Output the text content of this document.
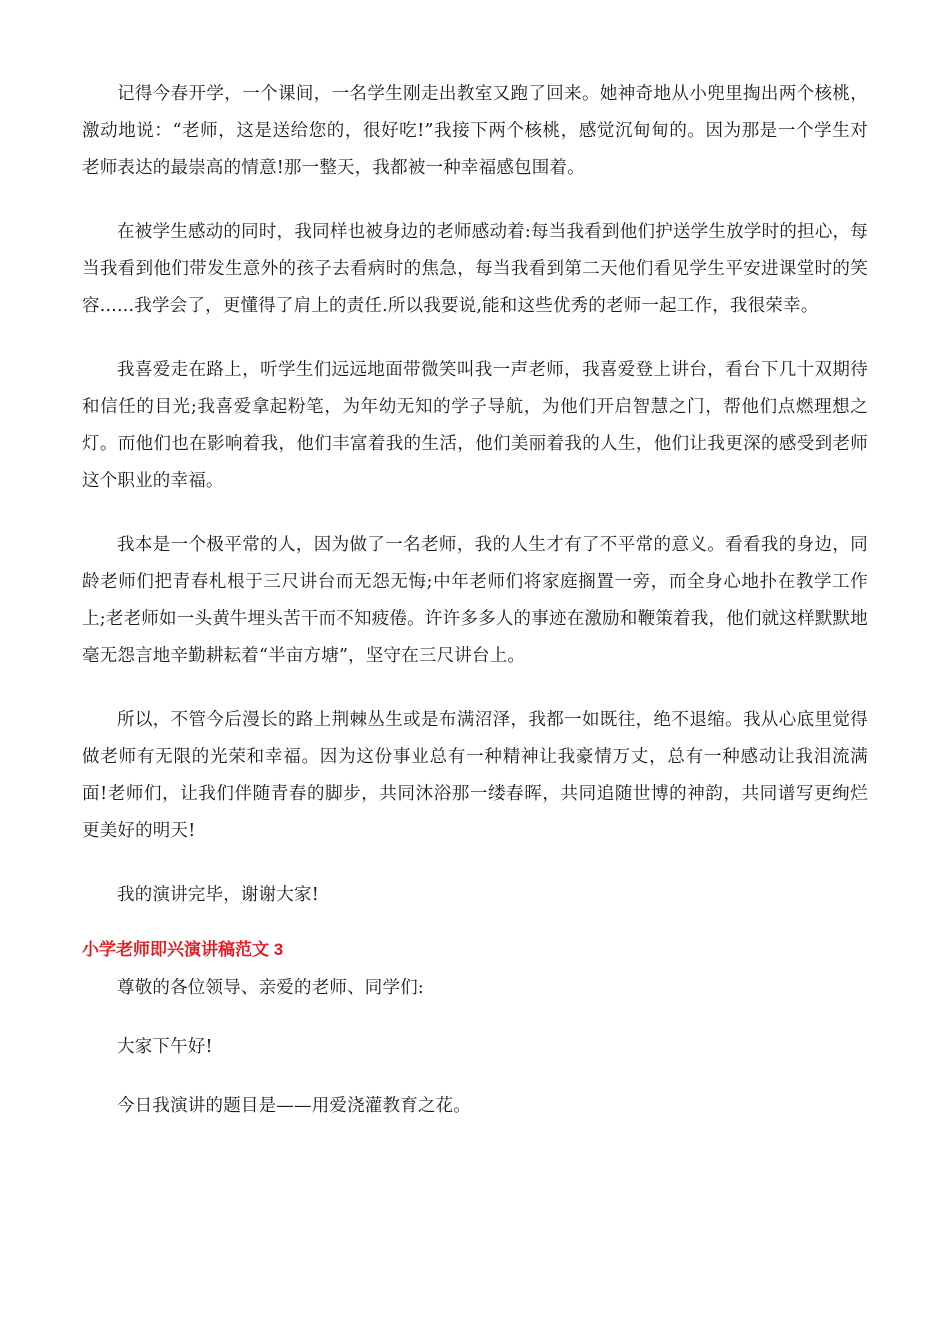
记得今春开学，一个课间，一名学生刚走出教室又跑了回来。她神奇地从小兜里掏出两个核桃，激动地说：“老师，这是送给您的，很好吃!”我接下两个核桃，感觉沉甸甸的。因为那是一个学生对老师表达的最崇高的情意!那一整天，我都被一种幸福感包围着。

在被学生感动的同时，我同样也被身边的老师感动着:每当我看到他们护送学生放学时的担心，每当我看到他们带发生意外的孩子去看病时的焦急，每当我看到第二天他们看见学生平安进课堂时的笑容......我学会了，更懂得了肩上的责任.所以我要说,能和这些优秀的老师一起工作，我很荣幸。

我喜爱走在路上，听学生们远远地面带微笑叫我一声老师，我喜爱登上讲台，看台下几十双期待和信任的目光;我喜爱拿起粉笔，为年幼无知的学子导航，为他们开启智慧之门，帮他们点燃理想之灯。而他们也在影响着我，他们丰富着我的生活，他们美丽着我的人生，他们让我更深的感受到老师这个职业的幸福。

我本是一个极平常的人，因为做了一名老师，我的人生才有了不平常的意义。看看我的身边，同龄老师们把青春札根于三尺讲台而无怨无悔;中年老师们将家庭搁置一旁，而全身心地扑在教学工作上;老老师如一头黄牛埋头苦干而不知疲倦。许许多多人的事迹在激励和鞭策着我，他们就这样默默地毫无怨言地辛勤耕耘着“半亩方塘”，坚守在三尺讲台上。

所以，不管今后漫长的路上荆棘丛生或是布满沼泽，我都一如既往，绝不退缩。我从心底里觉得做老师有无限的光荣和幸福。因为这份事业总有一种精神让我豪情万丈，总有一种感动让我泪流满面!老师们，让我们伴随青春的脚步，共同沐浴那一缕春晖，共同追随世博的神韵，共同谱写更绚烂更美好的明天!

我的演讲完毕，谢谢大家!

小学老师即兴演讲稿范文 3

尊敬的各位领导、亲爱的老师、同学们:

大家下午好!

今日我演讲的题目是——用爱浇灌教育之花。
